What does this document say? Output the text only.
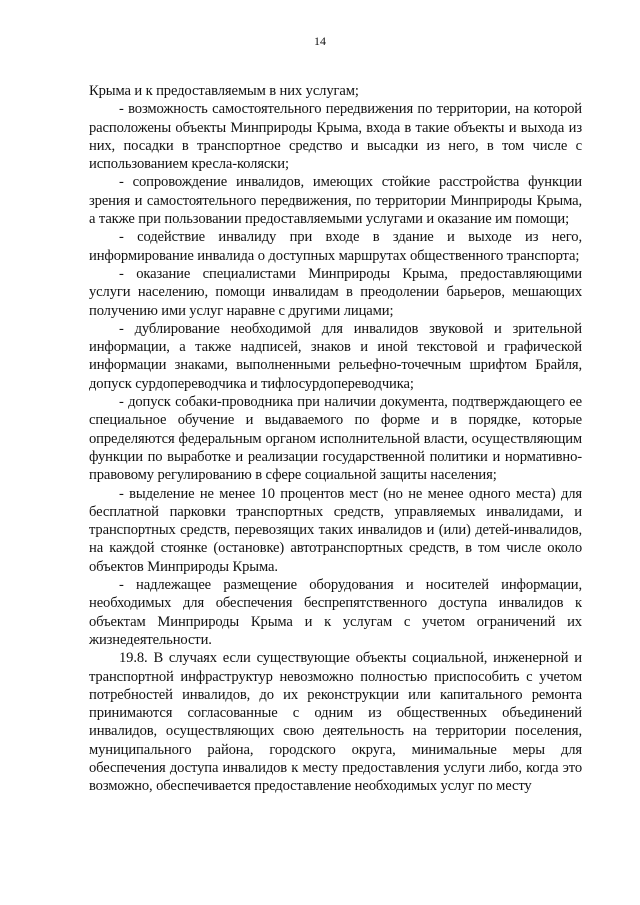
14

Крыма и к предоставляемым в них услугам;

- возможность самостоятельного передвижения по территории, на которой расположены объекты Минприроды Крыма, входа в такие объекты и выхода из них, посадки в транспортное средство и высадки из него, в том числе с использованием кресла-коляски;

- сопровождение инвалидов, имеющих стойкие расстройства функции зрения и самостоятельного передвижения, по территории Минприроды Крыма, а также при пользовании предоставляемыми услугами и оказание им помощи;

- содействие инвалиду при входе в здание и выходе из него, информирование инвалида о доступных маршрутах общественного транспорта;

- оказание специалистами Минприроды Крыма, предоставляющими услуги населению, помощи инвалидам в преодолении барьеров, мешающих получению ими услуг наравне с другими лицами;

- дублирование необходимой для инвалидов звуковой и зрительной информации, а также надписей, знаков и иной текстовой и графической информации знаками, выполненными рельефно-точечным шрифтом Брайля, допуск сурдопереводчика и тифлосурдопереводчика;

- допуск собаки-проводника при наличии документа, подтверждающего ее специальное обучение и выдаваемого по форме и в порядке, которые определяются федеральным органом исполнительной власти, осуществляющим функции по выработке и реализации государственной политики и нормативно-правовому регулированию в сфере социальной защиты населения;

- выделение не менее 10 процентов мест (но не менее одного места) для бесплатной парковки транспортных средств, управляемых инвалидами, и транспортных средств, перевозящих таких инвалидов и (или) детей-инвалидов, на каждой стоянке (остановке) автотранспортных средств, в том числе около объектов Минприроды Крыма.

- надлежащее размещение оборудования и носителей информации, необходимых для обеспечения беспрепятственного доступа инвалидов к объектам Минприроды Крыма и к услугам с учетом ограничений их жизнедеятельности.

19.8. В случаях если существующие объекты социальной, инженерной и транспортной инфраструктур невозможно полностью приспособить с учетом потребностей инвалидов, до их реконструкции или капитального ремонта принимаются согласованные с одним из общественных объединений инвалидов, осуществляющих свою деятельность на территории поселения, муниципального района, городского округа, минимальные меры для обеспечения доступа инвалидов к месту предоставления услуги либо, когда это возможно, обеспечивается предоставление необходимых услуг по месту
